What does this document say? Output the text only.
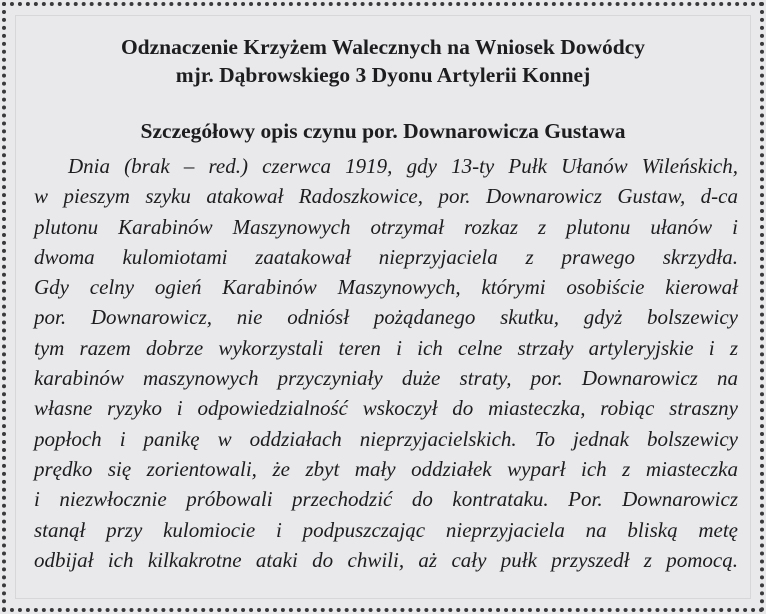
Odznaczenie Krzyżem Walecznych na Wniosek Dowódcy
mjr. Dąbrowskiego 3 Dyonu Artylerii Konnej
Szczegółowy opis czynu por. Downarowicza Gustawa
Dnia (brak – red.) czerwca 1919, gdy 13-ty Pułk Ułanów Wileńskich,
w pieszym szyku atakował Radoszkowice, por. Downarowicz Gustaw, d-ca
plutonu Karabinów Maszynowych otrzymał rozkaz z plutonu ułanów i
dwoma kulomiotami zaatakował nieprzyjaciela z prawego skrzydła.
Gdy celny ogień Karabinów Maszynowych, którymi osobiście kierował
por. Downarowicz, nie odniósł pożądanego skutku, gdyż bolszewicy
tym razem dobrze wykorzystali teren i ich celne strzały artyleryjskie i z
karabinów maszynowych przyczyniały duże straty, por. Downarowicz na
własne ryzyko i odpowiedzialność wskoczył do miasteczka, robiąc straszny
popłoch i panikę w oddziałach nieprzyjacielskich. To jednak bolszewicy
prędko się zorientowali, że zbyt mały oddziałek wyparł ich z miasteczka
i niezwłocznie próbowali przechodzić do kontrataku. Por. Downarowicz
stanął przy kulomiocie i podpuszczając nieprzyjaciela na bliską metę
odbijał ich kilkakrotne ataki do chwili, aż cały pułk przyszedł z pomocą.
